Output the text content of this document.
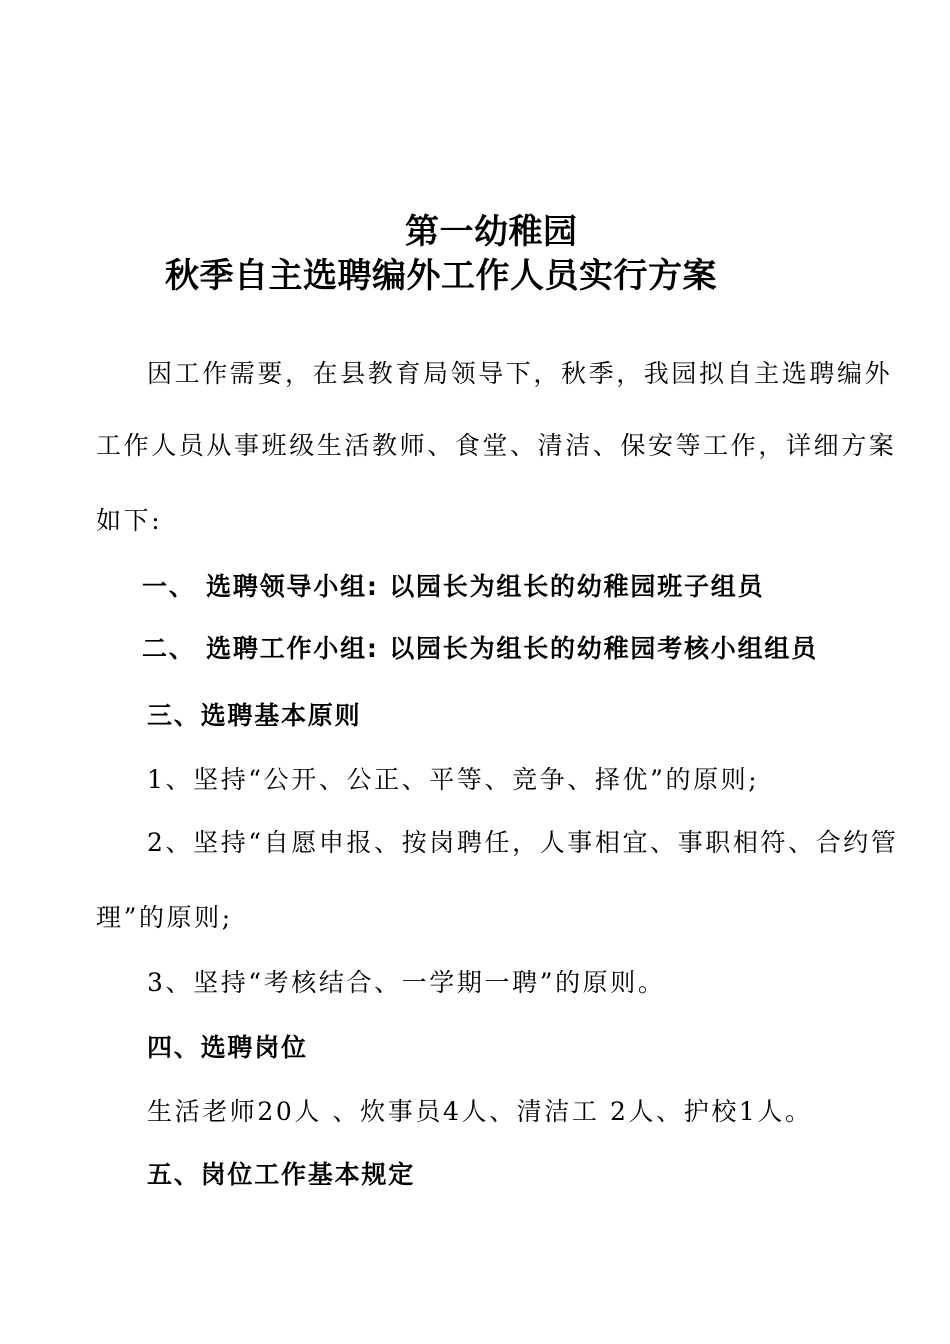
第一幼稚园
秋季自主选聘编外工作人员实行方案
因工作需要，在县教育局领导下，秋季，我园拟自主选聘编外
工作人员从事班级生活教师、食堂、清洁、保安等工作，详细方案
如下:
一、 选聘领导小组: 以园长为组长的幼稚园班子组员
二、 选聘工作小组: 以园长为组长的幼稚园考核小组组员
三、选聘基本原则
1、坚持“公开、公正、平等、竞争、择优”的原则;
2、坚持“自愿申报、按岗聘任，人事相宜、事职相符、合约管
理”的原则;
3、坚持“考核结合、一学期一聘”的原则。
四、选聘岗位
生活老师20人 、炊事员4人、清洁工 2人、护校1人。
五、岗位工作基本规定
